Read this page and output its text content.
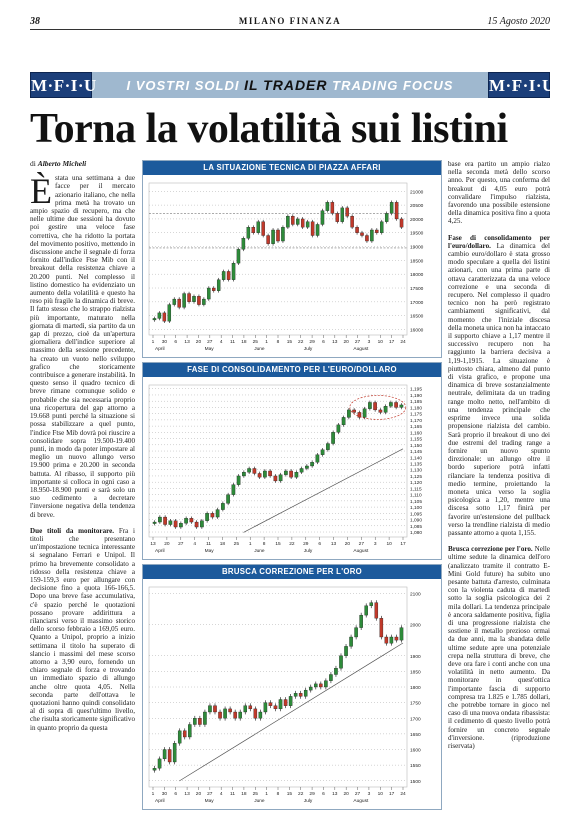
38	MILANO FINANZA	15 Agosto 2020
M·F·I·U	I VOSTRI SOLDI IL TRADER TRADING FOCUS	M·F·I·U
Torna la volatilità sui listini
di Alberto Micheli

Èstata una settimana a due facce per il mercato azionario italiano, che nella prima metà ha trovato un ampio spazio di recupero, ma che nelle ultime due sessioni ha dovuto poi gestire una veloce fase correttiva, che ha ridotto la portata del movimento positivo, mettendo in discussione anche il segnale di forza fornito dall'indice Ftse Mib con il breakout della resistenza chiave a 20.200 punti. Nel complesso il listino domestico ha evidenziato un aumento della volatilità e questo ha reso più fragile la dinamica di breve. Il fatto stesso che lo strappo rialzista più importante, maturato nella giornata di martedì, sia partito da un gap di prezzo, cioè da un'apertura giornaliera dell'indice superiore al massimo della sessione precedente, ha creato un vuoto nello sviluppo grafico che storicamente contribuisce a generare instabilità. In questo senso il quadro tecnico di breve rimane comunque solido e probabile che sia necessaria proprio una ricopertura del gap attorno a 19.668 punti perché la situazione si possa stabilizzare a quel punto, l'indice Ftse Mib dovrà poi riuscire a consolidare sopra 19.500-19.400 punti, in modo da poter impostare al meglio un nuovo allungo verso 19.900 prima e 20.200 in seconda battuta. Al ribasso, il supporto più importante si colloca in ogni caso a 18.950-18.900 punti e sarà solo un suo cedimento a decretare l'inversione negativa della tendenza di breve.

Due titoli da monitorare. Fra i titoli che presentano un'impostazione tecnica interessante si segnalano Ferrari e Unipol. Il primo ha brevemente consolidato a ridosso della resistenza chiave a 159-159,3 euro per allungare con decisione fino a quota 166-166,5. Dopo una breve fase accumulativa, c'è spazio perché le quotazioni possano provare addirittura a rilanciarsi verso il massimo storico dello scorso febbraio a 169,05 euro. Quanto a Unipol, proprio a inizio settimana il titolo ha superato di slancio i massimi del mese scorso attorno a 3,90 euro, fornendo un chiaro segnale di forza e trovando un immediato spazio di allungo anche oltre quota 4,05. Nella seconda parte dell'ottava le quotazioni hanno quindi consolidato al di sopra di quest'ultimo livello, che risulta storicamente significativo in quanto proprio da questa

LA SITUAZIONE TECNICA DI PIAZZA AFFARI
21000
20500
20000
19500
19000
18500
18000
17500
17000
16500
16000
1 30 6 13 20 27 4 11 18 25 1 8 15 22 29 6 13 20 27 3 10 17 24
April	May	June	July	August
FASE DI CONSOLIDAMENTO PER L'EURO/DOLLARO
1,195
1,190
1,185
1,180
1,175
1,170
1,165
1,160
1,155
1,150
1,145
1,140
1,135
1,130
1,125
1,120
1,115
1,110
1,105
1,100
1,095
1,090
1,085
1,080
13 20 27 4 11 18 25 1 8 15 22 29 6 13 20 27 3 10 17
April	May	June	July	August
BRUSCA CORREZIONE PER L'ORO
2100
2000
1900
1850
1800
1750
1700
1650
1600
1550
1500
1 30 6 13 20 27 4 11 18 25 1 8 15 22 29 6 13 20 27 3 10 17 24
April	May	June	July	August

base era partito un ampio rialzo nella seconda metà dello scorso anno. Per questo, una conferma del breakout di 4,05 euro potrà convalidare l'impulso rialzista, favorendo una possibile estensione della dinamica positiva fino a quota 4,25.

Fase di consolidamento per l'euro/dollaro. La dinamica del cambio euro/dollaro è stata grosso modo speculare a quella dei listini azionari, con una prima parte di ottava caratterizzata da una veloce correzione e una seconda di recupero. Nel complesso il quadro tecnico non ha però registrato cambiamenti significativi, dal momento che l'iniziale discesa della moneta unica non ha intaccato il supporto chiave a 1,17 mentre il successivo recupero non ha raggiunto la barriera decisiva a 1,19-1,1915. La situazione è piuttosto chiara, almeno dal punto di vista grafico, e propone una dinamica di breve sostanzialmente neutrale, delimitata da un trading range molto netto, nell'ambito di una tendenza principale che esprime invece una solida propensione rialzista del cambio. Sarà proprio il breakout di uno dei due estremi del trading range a fornire un nuovo spunto direzionale: un allungo oltre il bordo superiore potrà infatti rilanciare la tendenza positiva di medio termine, proiettando la moneta unica verso la soglia psicologica a 1,20, mentre una discesa sotto 1,17 finirà per favorire un'estensione del pullback verso la trendline rialzista di medio passante attorno a quota 1,155.

Brusca correzione per l'oro. Nelle ultime sedute la dinamica dell'oro (analizzato tramite il contratto E-Mini Gold future) ha subito uno pesante battuta d'arresto, culminata con la violenta caduta di martedì sotto la soglia psicologica dei 2 mila dollari. La tendenza principale è ancora saldamente positiva, figlia di una progressione rialzista che sostiene il metallo prezioso ormai da due anni, ma la sbandata delle ultime sedute apre una potenziale crepa nella struttura di breve, che deve ora fare i conti anche con una volatilità in netto aumento. Da monitorare in quest'ottica l'importante fascia di supporto compresa tra 1.825 e 1.785 dollari, che potrebbe tornare in gioco nel caso di una nuova ondata ribassista: il cedimento di questo livello potrà fornire un concreto segnale d'inversione. (riproduzione riservata)
